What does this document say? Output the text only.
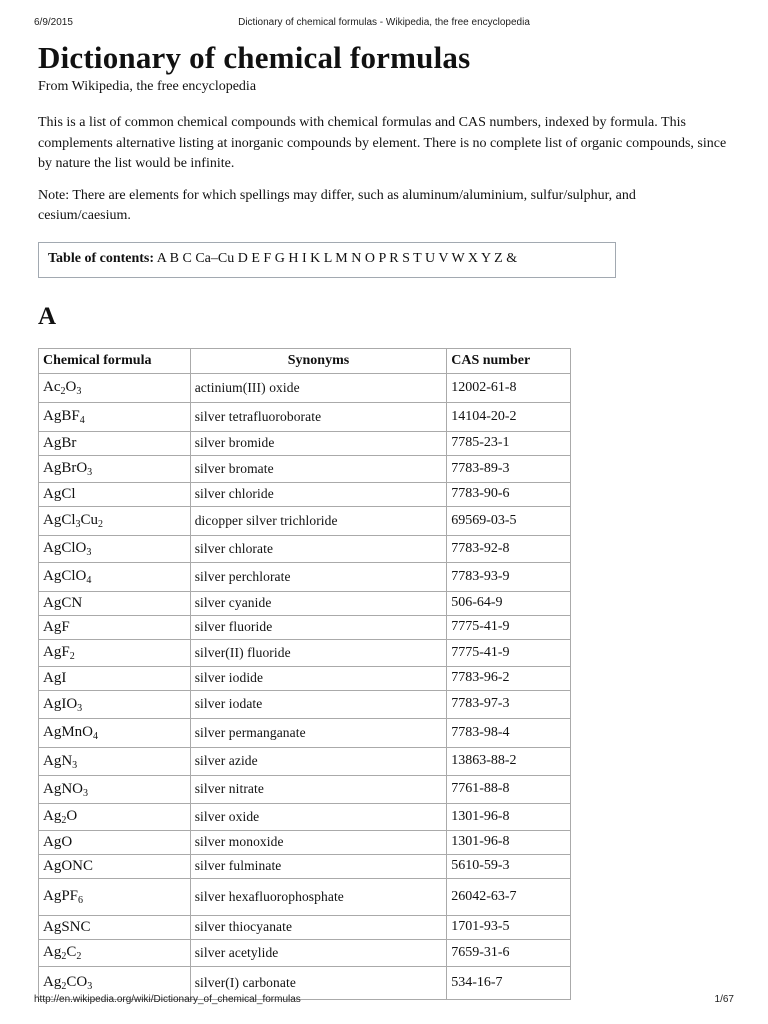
6/9/2015	Dictionary of chemical formulas - Wikipedia, the free encyclopedia
Dictionary of chemical formulas
From Wikipedia, the free encyclopedia

This is a list of common chemical compounds with chemical formulas and CAS numbers, indexed by formula. This complements alternative listing at inorganic compounds by element. There is no complete list of organic compounds, since by nature the list would be infinite.

Note: There are elements for which spellings may differ, such as aluminum/aluminium, sulfur/sulphur, and cesium/caesium.

Table of contents: A B C Ca–Cu D E F G H I K L M N O P R S T U V W X Y Z &
A
Chemical formula	Synonyms	CAS number
$Ac_2O_3$	actinium(III) oxide	12002-61-8
AgBF$_4$	silver tetrafluoroborate	14104-20-2
AgBr	silver bromide	7785-23-1
AgBrO$_3$	silver bromate	7783-89-3
AgCl	silver chloride	7783-90-6
$AgCl_3Cu_2$	dicopper silver trichloride	69569-03-5
AgClO$_3$	silver chlorate	7783-92-8
AgClO$_4$	silver perchlorate	7783-93-9
AgCN	silver cyanide	506-64-9
AgF	silver fluoride	7775-41-9
AgF$_2$	silver(II) fluoride	7775-41-9
AgI	silver iodide	7783-96-2
AgIO$_3$	silver iodate	7783-97-3
AgMnO$_4$	silver permanganate	7783-98-4
AgN$_3$	silver azide	13863-88-2
AgNO$_3$	silver nitrate	7761-88-8
$Ag_2O$	silver oxide	1301-96-8
AgO	silver monoxide	1301-96-8
AgONC	silver fulminate	5610-59-3
AgPF$_6$	silver hexafluorophosphate	26042-63-7
AgSNC	silver thiocyanate	1701-93-5
$Ag_2C_2$	silver acetylide	7659-31-6
$Ag_2CO_3$	silver(I) carbonate	534-16-7
http://en.wikipedia.org/wiki/Dictionary_of_chemical_formulas	1/67
